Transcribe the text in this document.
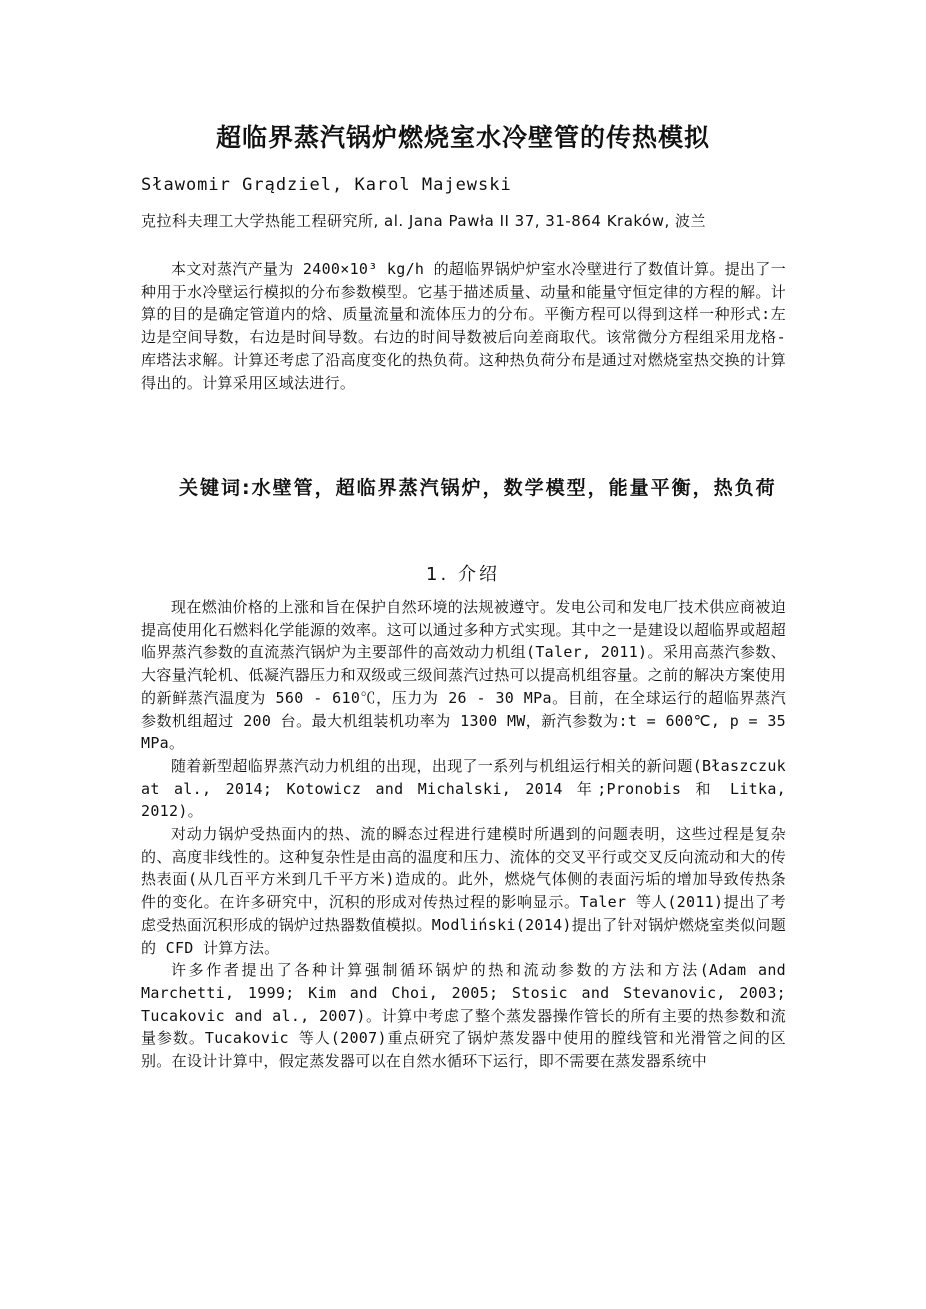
超临界蒸汽锅炉燃烧室水冷壁管的传热模拟
Sławomir Grądziel, Karol Majewski
克拉科夫理工大学热能工程研究所, al. Jana Pawła II 37, 31-864 Kraków, 波兰

本文对蒸汽产量为 2400×10³ kg/h 的超临界锅炉炉室水冷壁进行了数值计算。提出了一种用于水冷壁运行模拟的分布参数模型。它基于描述质量、动量和能量守恒定律的方程的解。计算的目的是确定管道内的焓、质量流量和流体压力的分布。平衡方程可以得到这样一种形式:左边是空间导数，右边是时间导数。右边的时间导数被后向差商取代。该常微分方程组采用龙格-库塔法求解。计算还考虑了沿高度变化的热负荷。这种热负荷分布是通过对燃烧室热交换的计算得出的。计算采用区域法进行。

关键词:水壁管，超临界蒸汽锅炉，数学模型，能量平衡，热负荷

1. 介绍

现在燃油价格的上涨和旨在保护自然环境的法规被遵守。发电公司和发电厂技术供应商被迫提高使用化石燃料化学能源的效率。这可以通过多种方式实现。其中之一是建设以超临界或超超临界蒸汽参数的直流蒸汽锅炉为主要部件的高效动力机组(Taler, 2011)。采用高蒸汽参数、大容量汽轮机、低凝汽器压力和双级或三级间蒸汽过热可以提高机组容量。之前的解决方案使用的新鲜蒸汽温度为 560 - 610℃，压力为 26 - 30 MPa。目前，在全球运行的超临界蒸汽参数机组超过 200 台。最大机组装机功率为 1300 MW，新汽参数为:t = 600℃, p = 35 MPa。

随着新型超临界蒸汽动力机组的出现，出现了一系列与机组运行相关的新问题(Błaszczuk at al., 2014; Kotowicz and Michalski, 2014 年;Pronobis 和 Litka, 2012)。

对动力锅炉受热面内的热、流的瞬态过程进行建模时所遇到的问题表明，这些过程是复杂的、高度非线性的。这种复杂性是由高的温度和压力、流体的交叉平行或交叉反向流动和大的传热表面(从几百平方米到几千平方米)造成的。此外，燃烧气体侧的表面污垢的增加导致传热条件的变化。在许多研究中，沉积的形成对传热过程的影响显示。Taler 等人(2011)提出了考虑受热面沉积形成的锅炉过热器数值模拟。Modliński(2014)提出了针对锅炉燃烧室类似问题的 CFD 计算方法。

许多作者提出了各种计算强制循环锅炉的热和流动参数的方法和方法(Adam and Marchetti, 1999; Kim and Choi, 2005; Stosic and Stevanovic, 2003; Tucakovic and al., 2007)。计算中考虑了整个蒸发器操作管长的所有主要的热参数和流量参数。Tucakovic 等人(2007)重点研究了锅炉蒸发器中使用的膛线管和光滑管之间的区别。在设计计算中，假定蒸发器可以在自然水循环下运行，即不需要在蒸发器系统中
